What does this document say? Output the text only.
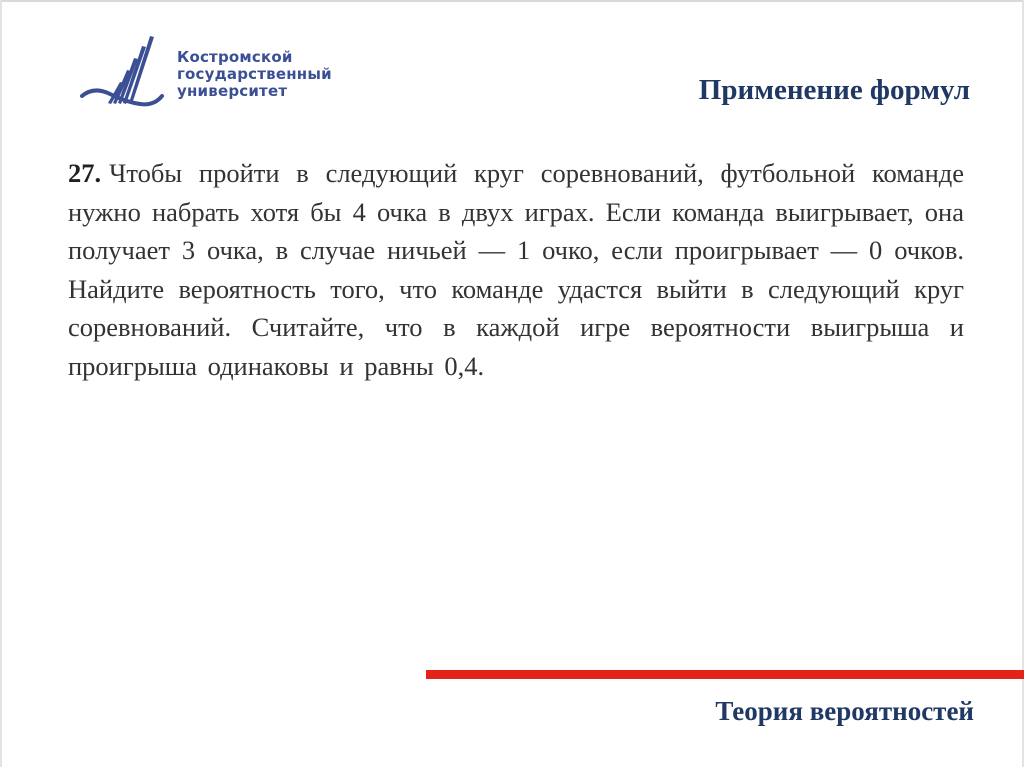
Костромской
государственный
университет	Применение формул
27. Чтобы пройти в следующий круг соревнований, футбольной команде нужно набрать хотя бы 4 очка в двух играх. Если команда выигрывает, она получает 3 очка, в случае ничьей — 1 очко, если проигрывает — 0 очков. Найдите вероятность того, что команде удастся выйти в следующий круг соревнований. Считайте, что в каждой игре вероятности выигрыша и проигрыша одинаковы и равны 0,4.
Теория вероятностей
